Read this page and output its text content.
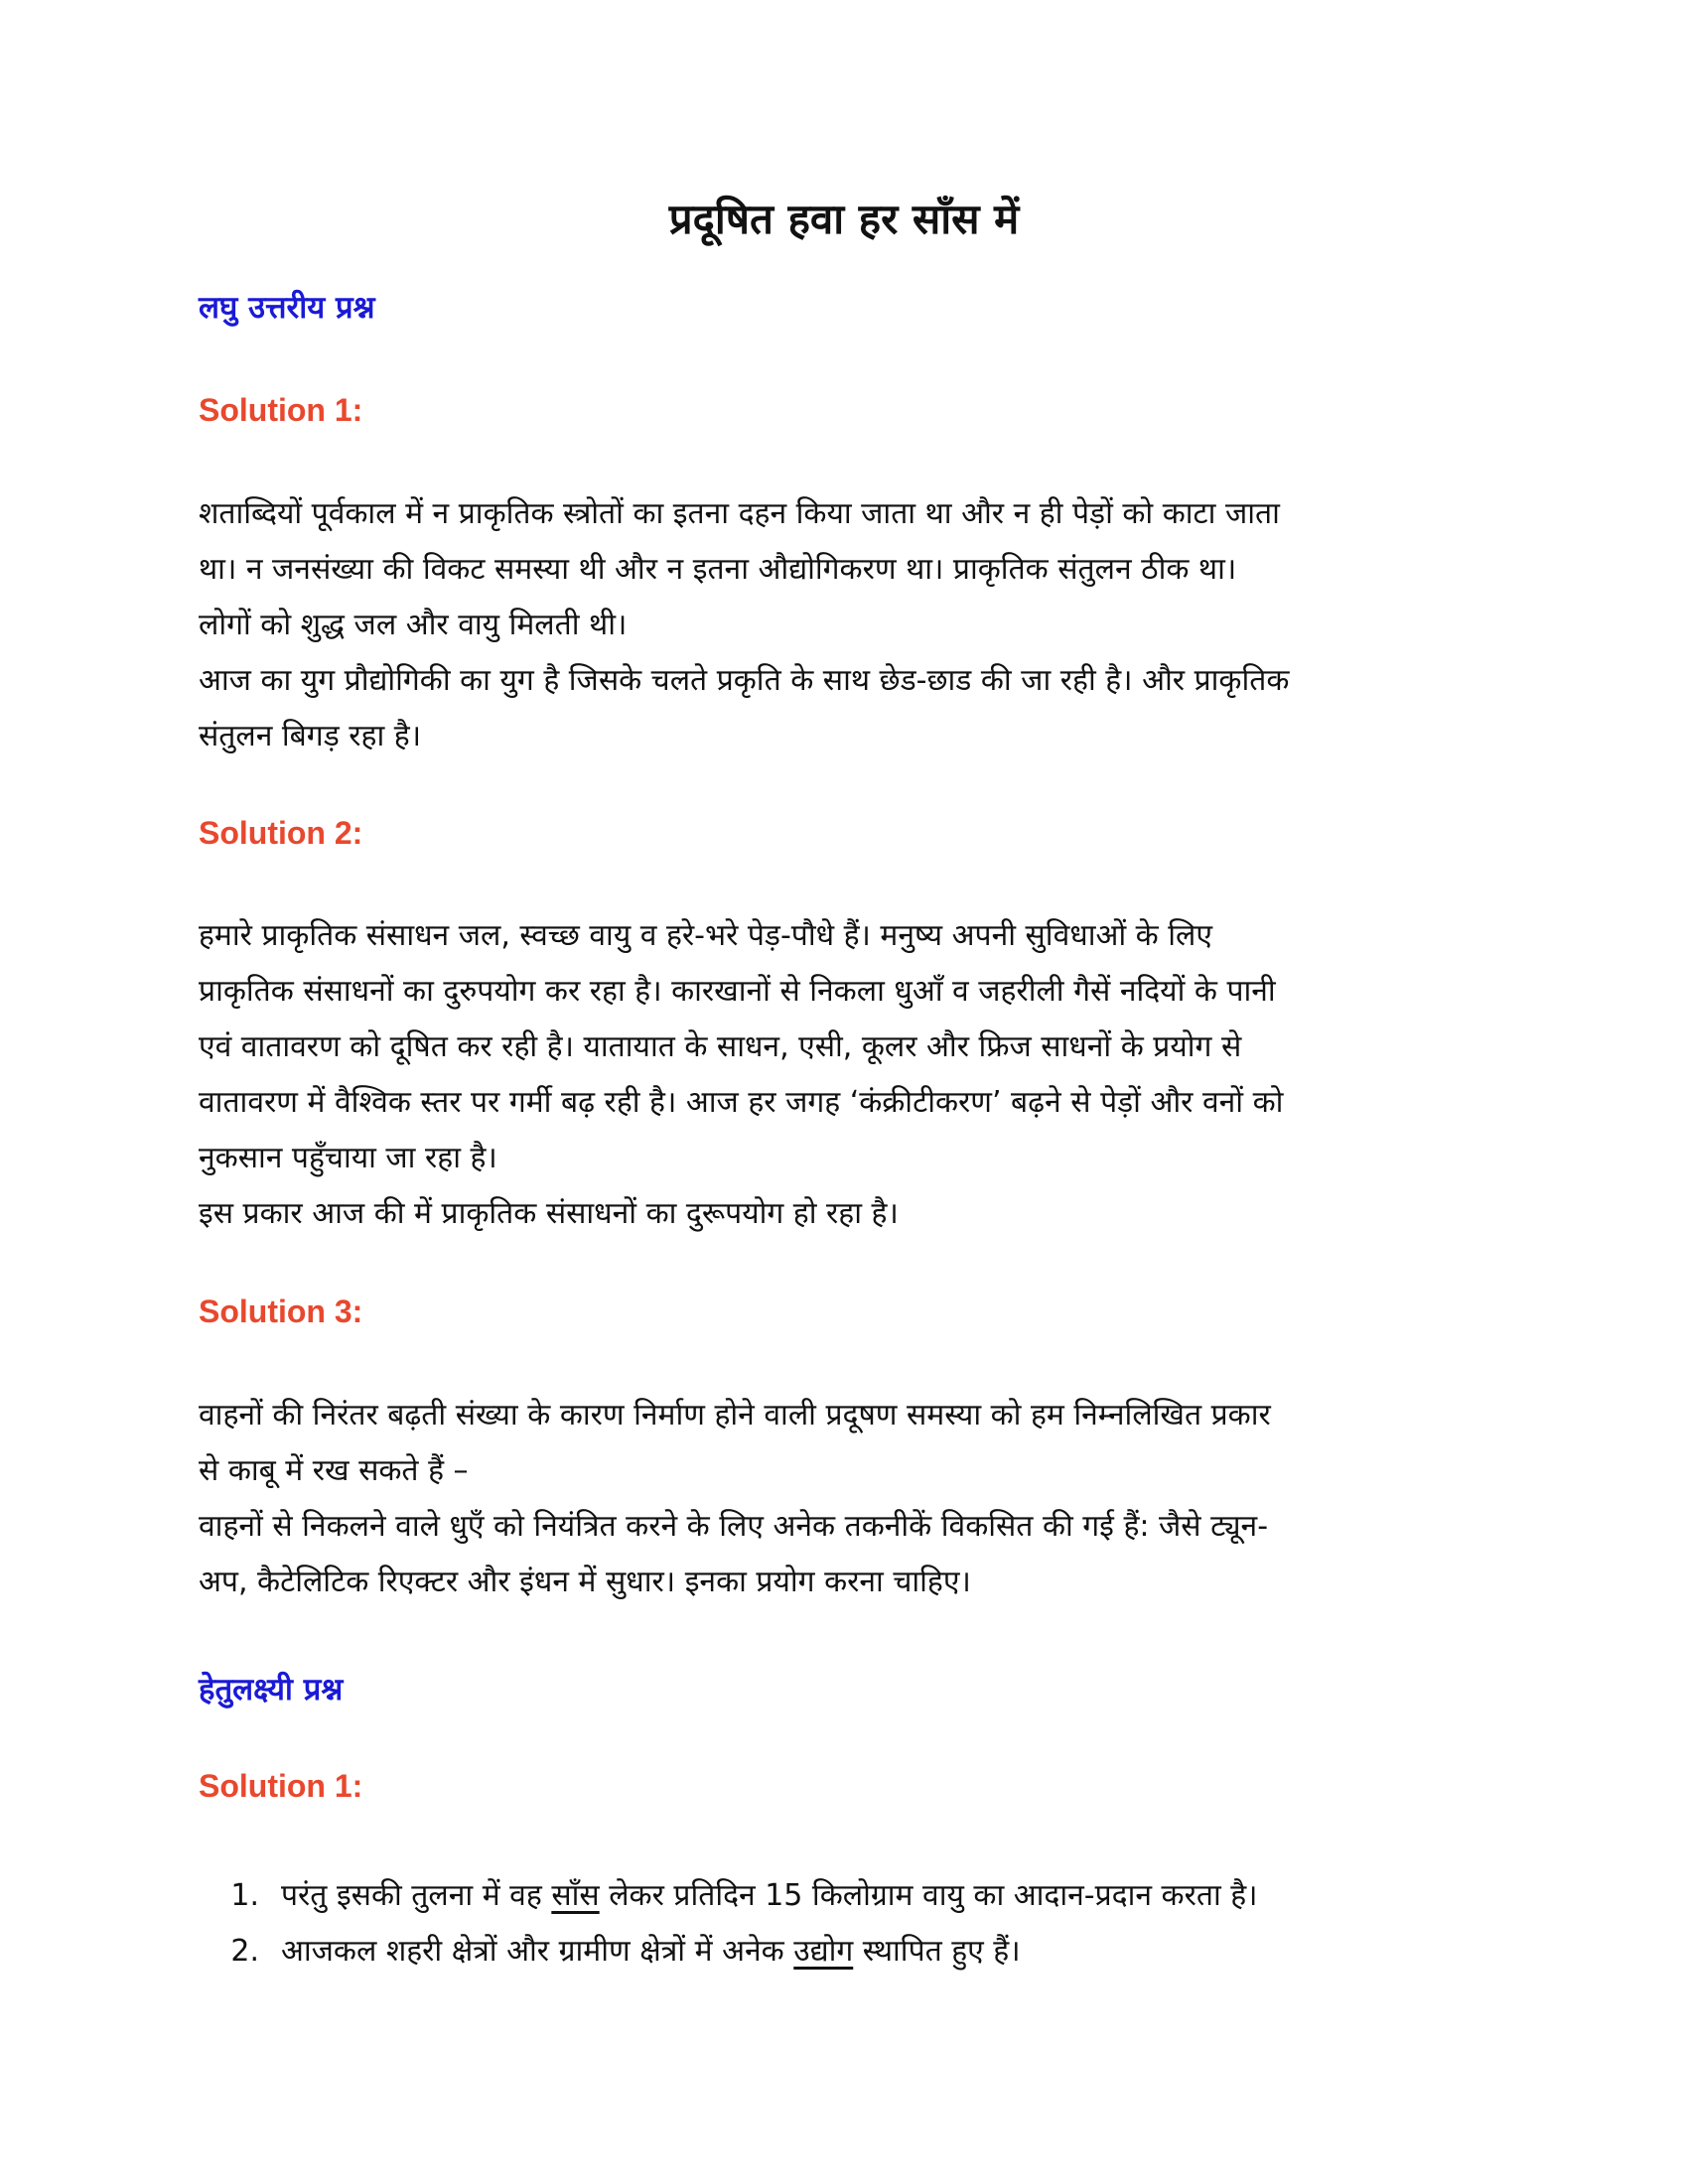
प्रदूषित हवा हर साँस में
लघु उत्तरीय प्रश्न
Solution 1:

शताब्दियों पूर्वकाल में न प्राकृतिक स्त्रोतों का इतना दहन किया जाता था और न ही पेड़ों को काटा जाता
था। न जनसंख्या की विकट समस्या थी और न इतना औद्योगिकरण था। प्राकृतिक संतुलन ठीक था।
लोगों को शुद्ध जल और वायु मिलती थी।
आज का युग प्रौद्योगिकी का युग है जिसके चलते प्रकृति के साथ छेड-छाड की जा रही है। और प्राकृतिक
संतुलन बिगड़ रहा है।

Solution 2:

हमारे प्राकृतिक संसाधन जल, स्वच्छ वायु व हरे-भरे पेड़-पौधे हैं। मनुष्य अपनी सुविधाओं के लिए
प्राकृतिक संसाधनों का दुरुपयोग कर रहा है। कारखानों से निकला धुआँ व जहरीली गैसें नदियों के पानी
एवं वातावरण को दूषित कर रही है। यातायात के साधन, एसी, कूलर और फ्रिज साधनों के प्रयोग से
वातावरण में वैश्विक स्तर पर गर्मी बढ़ रही है। आज हर जगह ‘कंक्रीटीकरण’ बढ़ने से पेड़ों और वनों को
नुकसान पहुँचाया जा रहा है।
इस प्रकार आज की में प्राकृतिक संसाधनों का दुरूपयोग हो रहा है।

Solution 3:

वाहनों की निरंतर बढ़ती संख्या के कारण निर्माण होने वाली प्रदूषण समस्या को हम निम्नलिखित प्रकार
से काबू में रख सकते हैं –
वाहनों से निकलने वाले धुएँ को नियंत्रित करने के लिए अनेक तकनीकें विकसित की गई हैं: जैसे ट्यून-
अप, कैटेलिटिक रिएक्टर और इंधन में सुधार। इनका प्रयोग करना चाहिए।

हेतुलक्ष्यी प्रश्न
Solution 1:
1. परंतु इसकी तुलना में वह साँस लेकर प्रतिदिन 15 किलोग्राम वायु का आदान-प्रदान करता है।
2. आजकल शहरी क्षेत्रों और ग्रामीण क्षेत्रों में अनेक उद्योग स्थापित हुए हैं।
